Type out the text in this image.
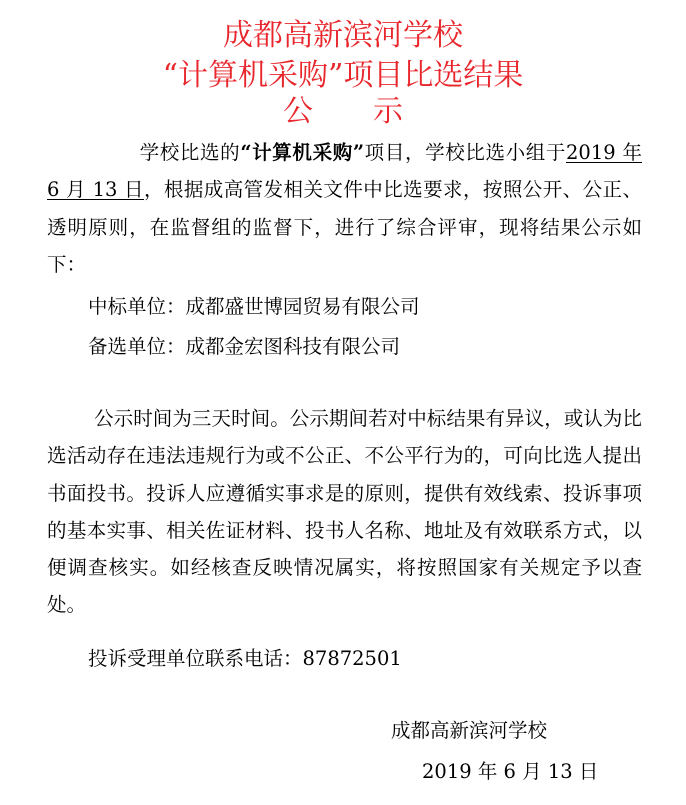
成都高新滨河学校
“计算机采购”项目比选结果
公 示
学校比选的“计算机采购”项目，学校比选小组于2019 年 6 月 13 日，根据成高管发相关文件中比选要求，按照公开、公正、透明原则，在监督组的监督下，进行了综合评审，现将结果公示如下：
中标单位：成都盛世博园贸易有限公司
备选单位：成都金宏图科技有限公司
公示时间为三天时间。公示期间若对中标结果有异议，或认为比选活动存在违法违规行为或不公正、不公平行为的，可向比选人提出书面投书。投诉人应遵循实事求是的原则，提供有效线索、投诉事项的基本实事、相关佐证材料、投书人名称、地址及有效联系方式，以便调查核实。如经核查反映情况属实，将按照国家有关规定予以查处。
投诉受理单位联系电话：87872501
成都高新滨河学校
2019 年 6 月 13 日
